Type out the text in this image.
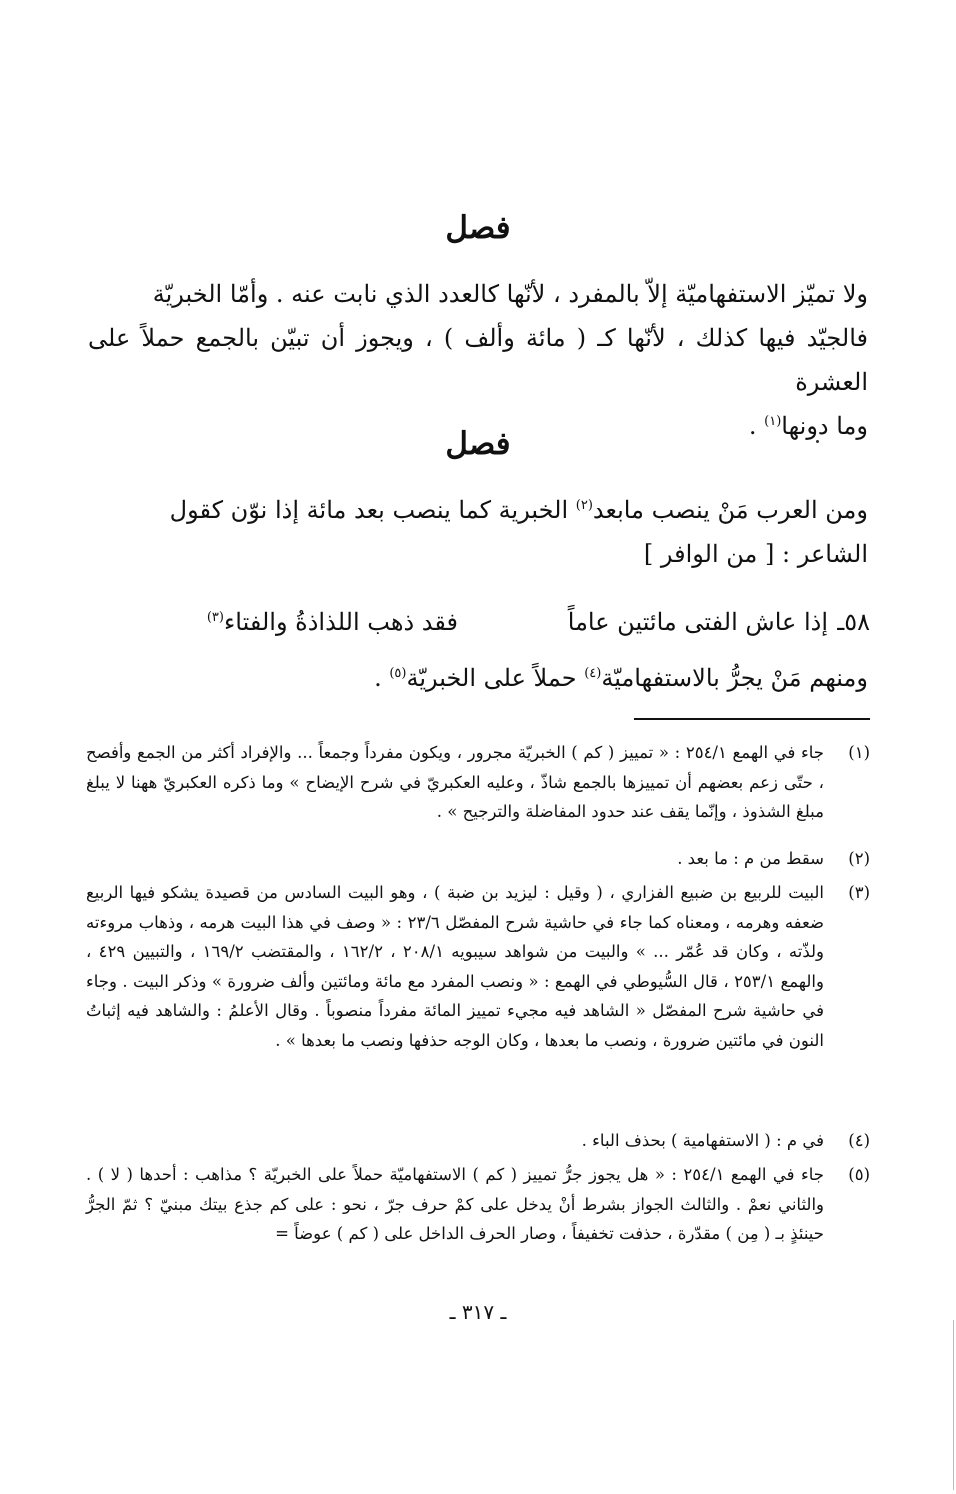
فصل
ولا تميّز الاستفهاميّة إلاّ بالمفرد ، لأنّها كالعدد الذي نابت عنه . وأمّا الخبريّة
فالجيّد فيها كذلك ، لأنّها كـ ( مائة وألف ) ، ويجوز أن تبيّن بالجمع حملاً على العشرة
وما دونها$^{(١)}$ .
فصل
ومن العرب مَنْ ينصب مابعد$^{(٢)}$ الخبرية كما ينصب بعد مائة إذا نوّن كقول
الشاعر : [ من الوافر ]
٥٨ـ
إذا عاش الفتى مائتين عاماً
فقد ذهب اللذاذةُ والفتاء$^{(٣)}$
ومنهم مَنْ يجرُّ بالاستفهاميّة$^{(٤)}$ حملاً على الخبريّة$^{(٥)}$ .
(١)
جاء في الهمع ٢٥٤/١ : « تمييز ( كم ) الخبريّة مجرور ، ويكون مفرداً وجمعاً ... والإفراد أكثر من الجمع وأفصح ، حتّى زعم بعضهم أن تمييزها بالجمع شاذّ ، وعليه العكبريّ في شرح الإيضاح » وما ذكره العكبريّ ههنا لا يبلغ مبلغ الشذوذ ، وإنّما يقف عند حدود المفاضلة والترجيح » .
(٢)
سقط من م : ما بعد .
(٣)
البيت للربيع بن ضبيع الفزاري ، ( وقيل : ليزيد بن ضبة ) ، وهو البيت السادس من قصيدة يشكو فيها الربيع ضعفه وهرمه ، ومعناه كما جاء في حاشية شرح المفصّل ٢٣/٦ : « وصف في هذا البيت هرمه ، وذهاب مروءته ولذّته ، وكان قد عُمّر ... » والبيت من شواهد سيبويه ٢٠٨/١ ، ١٦٢/٢ ، والمقتضب ١٦٩/٢ ، والتبيين ٤٢٩ ، والهمع ٢٥٣/١ ، قال السُّيوطي في الهمع : « ونصب المفرد مع مائة ومائتين وألف ضرورة » وذكر البيت . وجاء في حاشية شرح المفصّل « الشاهد فيه مجيء تمييز المائة مفرداً منصوباً . وقال الأعلمُ : والشاهد فيه إثباتُ النون في مائتين ضرورة ، ونصب ما بعدها ، وكان الوجه حذفها ونصب ما بعدها » .
(٤)
في م : ( الاستفهامية ) بحذف الباء .
(٥)
جاء في الهمع ٢٥٤/١ : « هل يجوز جرُّ تمييز ( كم ) الاستفهاميّة حملاً على الخبريّة ؟ مذاهب : أحدها ( لا ) . والثاني نعمْ . والثالث الجواز بشرط أنْ يدخل على كمْ حرف جرّ ، نحو : على كم جذع بيتك مبنيّ ؟ ثمّ الجرُّ حينئذٍ بـ ( مِن ) مقدّرة ، حذفت تخفيفاً ، وصار الحرف الداخل على ( كم ) عوضاً =
ـ ٣١٧ ـ
